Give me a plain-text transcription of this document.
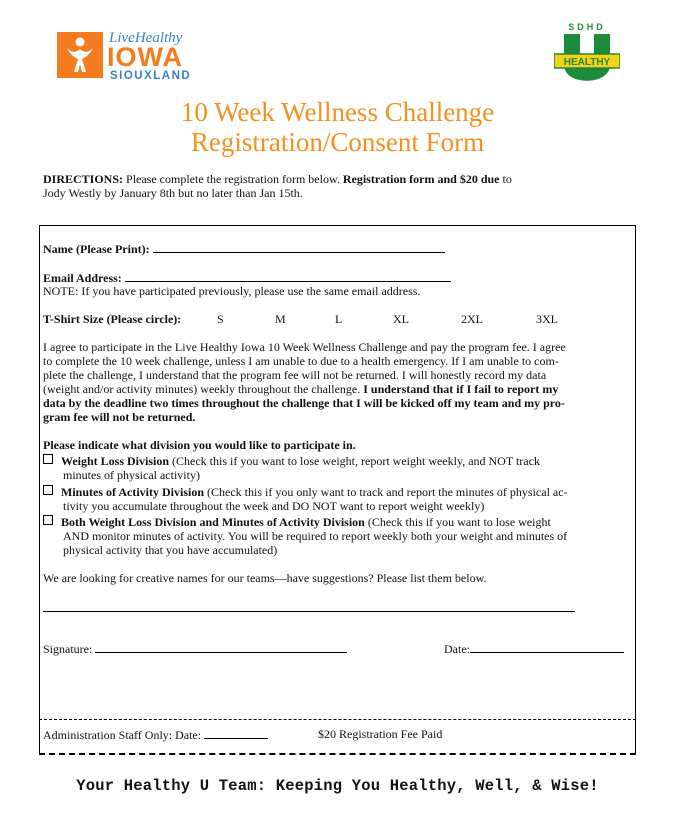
LiveHealthy
IOWA
SIOUXLAND
SDHD
HEALTHY
10 Week Wellness Challenge
Registration/Consent Form
DIRECTIONS: Please complete the registration form below. Registration form and $20 due to
Jody Westly by January 8th but no later than Jan 15th.
Name (Please Print):
Email Address:
NOTE: If you have participated previously, please use the same email address.
T-Shirt Size (Please circle):	S	M	L	XL	2XL	3XL
I agree to participate in the Live Healthy Iowa 10 Week Wellness Challenge and pay the program fee. I agree
to complete the 10 week challenge, unless I am unable to due to a health emergency. If I am unable to com-
plete the challenge, I understand that the program fee will not be returned. I will honestly record my data
(weight and/or activity minutes) weekly throughout the challenge. I understand that if I fail to report my
data by the deadline two times throughout the challenge that I will be kicked off my team and my pro-
gram fee will not be returned.
Please indicate what division you would like to participate in.
Weight Loss Division (Check this if you want to lose weight, report weight weekly, and NOT track
minutes of physical activity)
Minutes of Activity Division (Check this if you only want to track and report the minutes of physical ac-
tivity you accumulate throughout the week and DO NOT want to report weight weekly)
Both Weight Loss Division and Minutes of Activity Division (Check this if you want to lose weight
AND monitor minutes of activity. You will be required to report weekly both your weight and minutes of
physical activity that you have accumulated)
We are looking for creative names for our teams—have suggestions? Please list them below.
Signature:	Date:
Administration Staff Only: Date:	$20 Registration Fee Paid
Your Healthy U Team: Keeping You Healthy, Well, & Wise!
